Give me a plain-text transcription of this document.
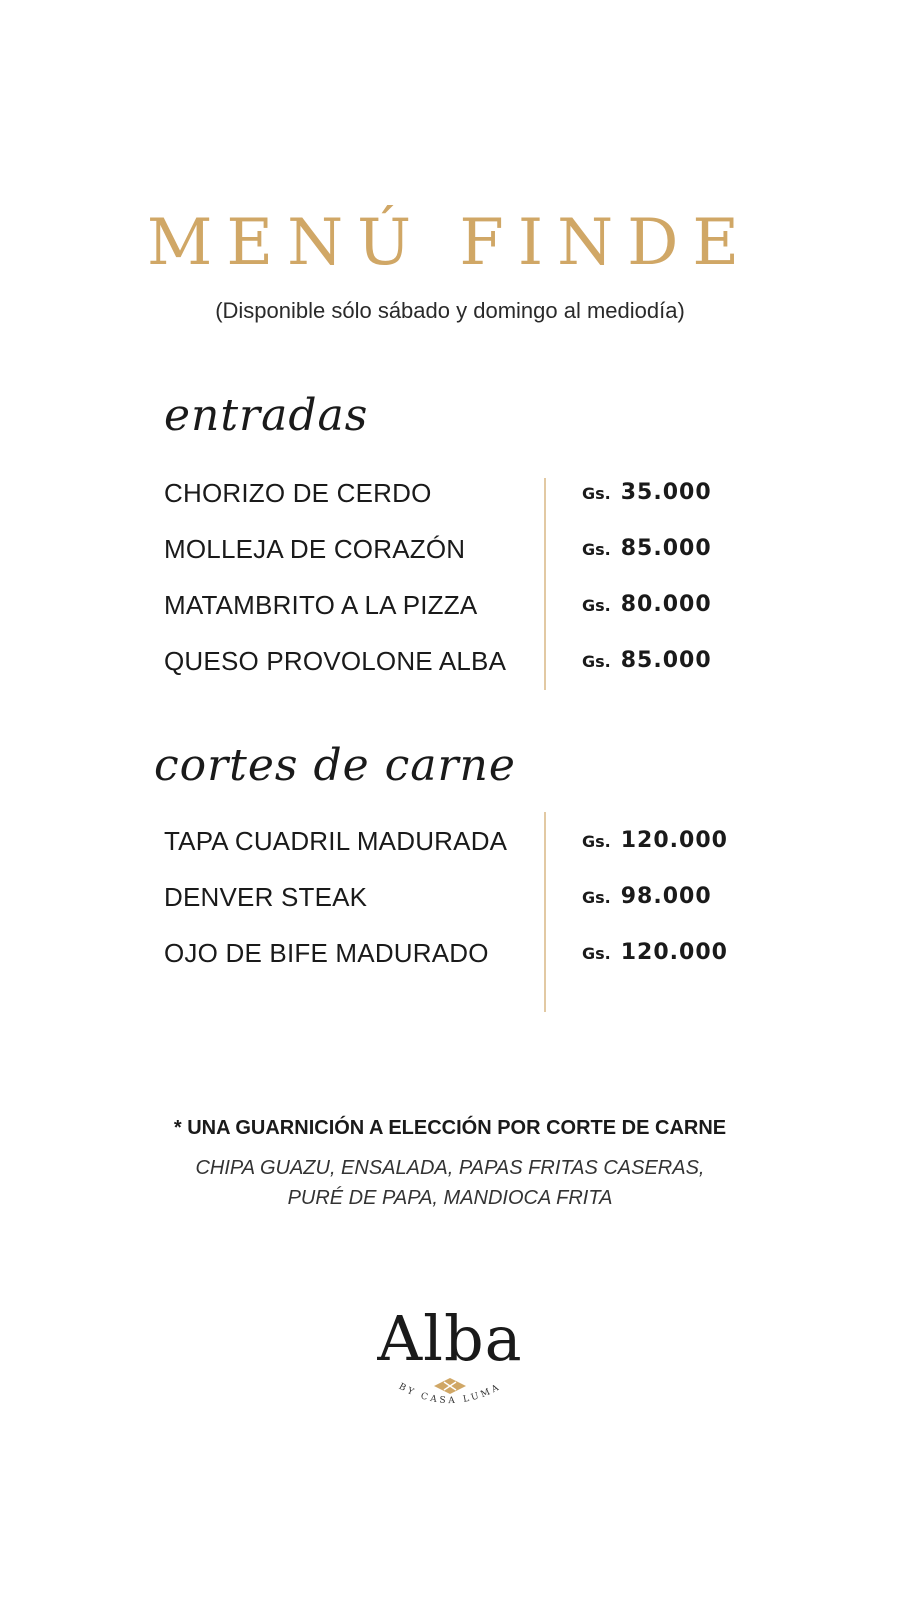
MENÚ FINDE
(Disponible sólo sábado y domingo al mediodía)
entradas
CHORIZO DE CERDO	Gs. 35.000
MOLLEJA DE CORAZÓN	Gs. 85.000
MATAMBRITO A LA PIZZA	Gs. 80.000
QUESO PROVOLONE ALBA	Gs. 85.000
cortes de carne
TAPA CUADRIL MADURADA	Gs. 120.000
DENVER STEAK	Gs. 98.000
OJO DE BIFE MADURADO	Gs. 120.000
* UNA GUARNICIÓN A ELECCIÓN POR CORTE DE CARNE
CHIPA GUAZU, ENSALADA, PAPAS FRITAS CASERAS,
PURÉ DE PAPA, MANDIOCA FRITA
Alba
BY CASA LUMA
